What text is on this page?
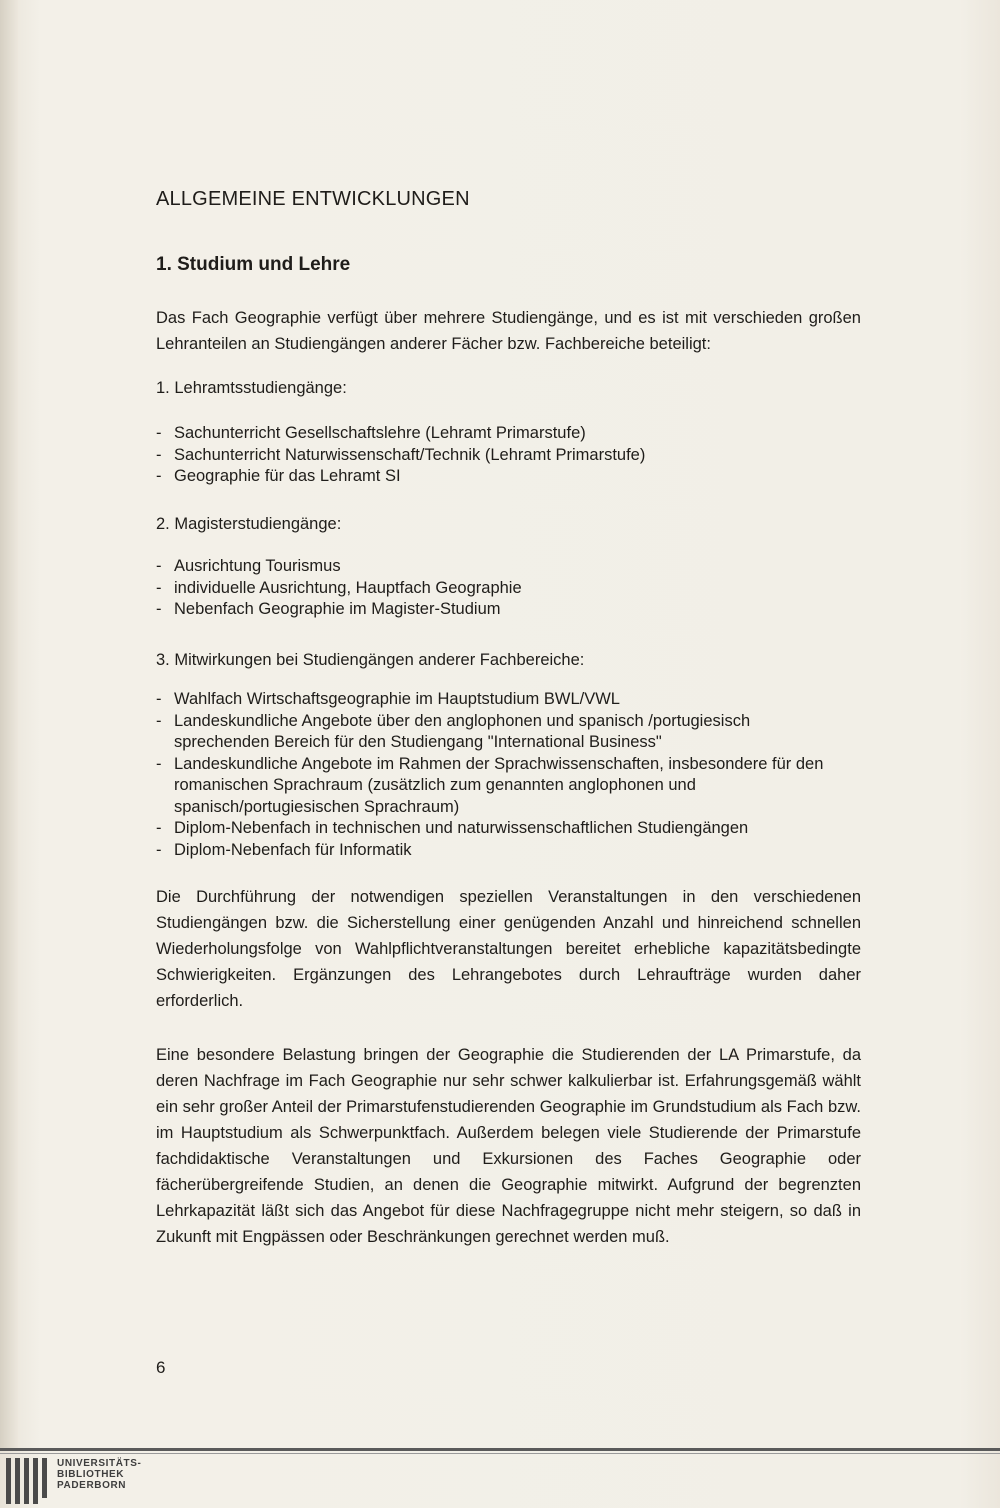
ALLGEMEINE ENTWICKLUNGEN
1. Studium und Lehre

Das Fach Geographie verfügt über mehrere Studiengänge, und es ist mit verschieden großen Lehranteilen an Studiengängen anderer Fächer bzw. Fachbereiche beteiligt:

1. Lehramtsstudiengänge:

- Sachunterricht Gesellschaftslehre (Lehramt Primarstufe)
- Sachunterricht Naturwissenschaft/Technik (Lehramt Primarstufe)
- Geographie für das Lehramt SI

2. Magisterstudiengänge:

- Ausrichtung Tourismus
- individuelle Ausrichtung, Hauptfach Geographie
- Nebenfach Geographie im Magister-Studium

3. Mitwirkungen bei Studiengängen anderer Fachbereiche:

- Wahlfach Wirtschaftsgeographie im Hauptstudium BWL/VWL
- Landeskundliche Angebote über den anglophonen und spanisch /portugiesisch sprechenden Bereich für den Studiengang "International Business"
- Landeskundliche Angebote im Rahmen der Sprachwissenschaften, insbesondere für den romanischen Sprachraum (zusätzlich zum genannten anglophonen und spanisch/portugiesischen Sprachraum)
- Diplom-Nebenfach in technischen und naturwissenschaftlichen Studiengängen
- Diplom-Nebenfach für Informatik

Die Durchführung der notwendigen speziellen Veranstaltungen in den verschiedenen Studiengängen bzw. die Sicherstellung einer genügenden Anzahl und hinreichend schnellen Wiederholungsfolge von Wahlpflichtveranstaltungen bereitet erhebliche kapazitätsbedingte Schwierigkeiten. Ergänzungen des Lehrangebotes durch Lehraufträge wurden daher erforderlich.

Eine besondere Belastung bringen der Geographie die Studierenden der LA Primarstufe, da deren Nachfrage im Fach Geographie nur sehr schwer kalkulierbar ist. Erfahrungsgemäß wählt ein sehr großer Anteil der Primarstufenstudierenden Geographie im Grundstudium als Fach bzw. im Hauptstudium als Schwerpunktfach. Außerdem belegen viele Studierende der Primarstufe fachdidaktische Veranstaltungen und Exkursionen des Faches Geographie oder fächerübergreifende Studien, an denen die Geographie mitwirkt. Aufgrund der begrenzten Lehrkapazität läßt sich das Angebot für diese Nachfragegruppe nicht mehr steigern, so daß in Zukunft mit Engpässen oder Beschränkungen gerechnet werden muß.

6

UNIVERSITÄTS-
BIBLIOTHEK
PADERBORN
